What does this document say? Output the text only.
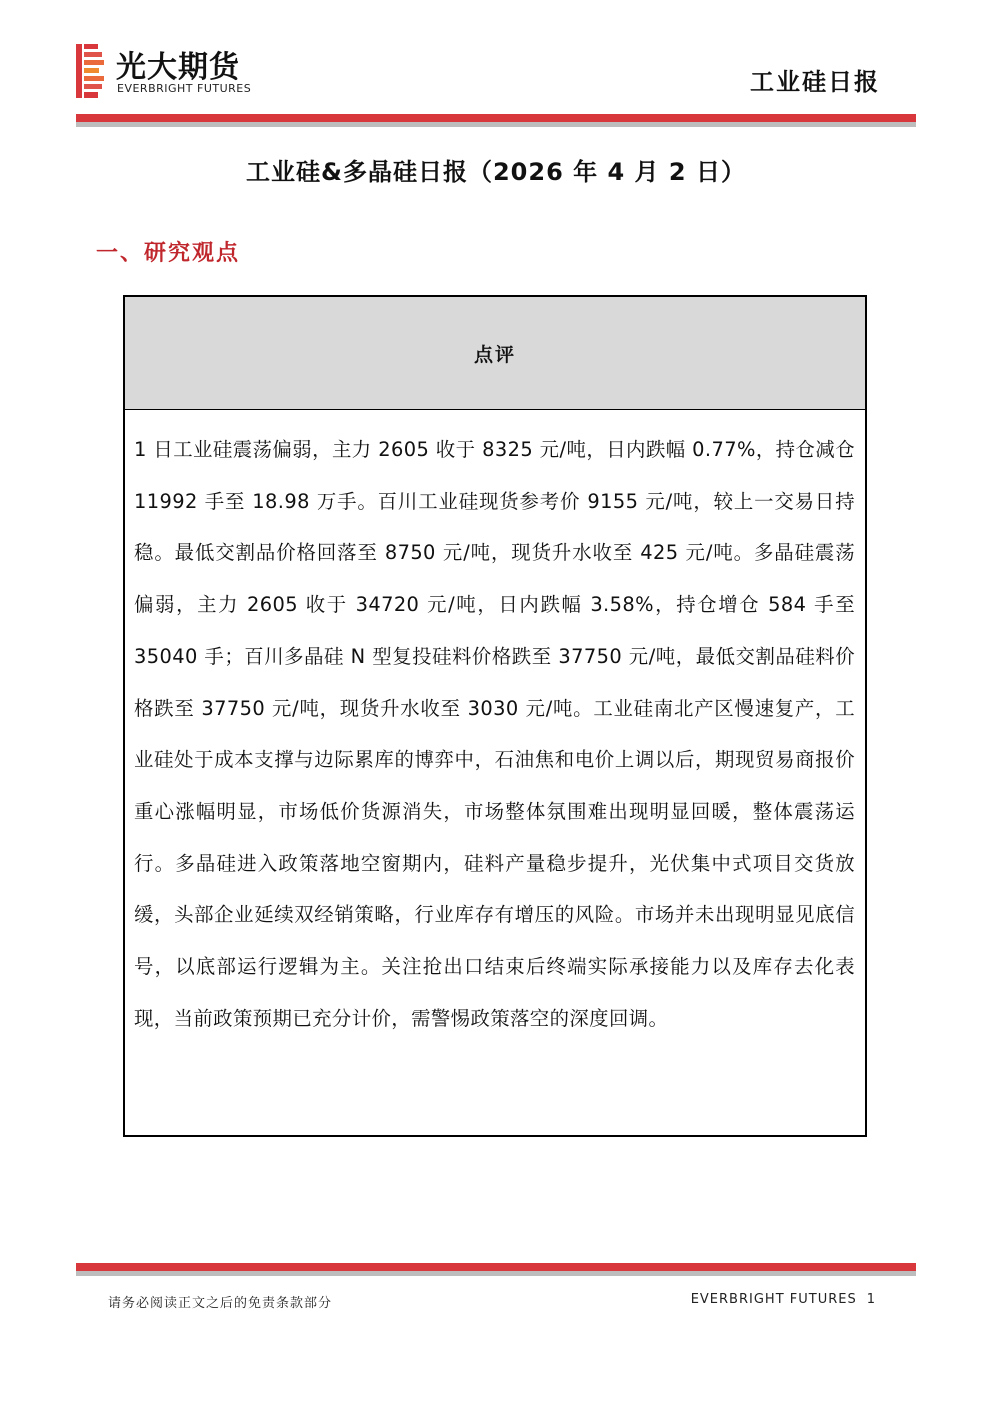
光大期货
EVERBRIGHT FUTURES	工业硅日报
工业硅&多晶硅日报（2026 年 4 月 2 日）
一、研究观点
点评
1 日工业硅震荡偏弱，主力 2605 收于 8325 元/吨，日内跌幅 0.77%，持仓减仓 11992 手至 18.98 万手。百川工业硅现货参考价 9155 元/吨，较上一交易日持稳。最低交割品价格回落至 8750 元/吨，现货升水收至 425 元/吨。多晶硅震荡偏弱，主力 2605 收于 34720 元/吨，日内跌幅 3.58%，持仓增仓 584 手至 35040 手；百川多晶硅 N 型复投硅料价格跌至 37750 元/吨，最低交割品硅料价格跌至 37750 元/吨，现货升水收至 3030 元/吨。工业硅南北产区慢速复产，工业硅处于成本支撑与边际累库的博弈中，石油焦和电价上调以后，期现贸易商报价重心涨幅明显，市场低价货源消失，市场整体氛围难出现明显回暖，整体震荡运行。多晶硅进入政策落地空窗期内，硅料产量稳步提升，光伏集中式项目交货放缓，头部企业延续双经销策略，行业库存有增压的风险。市场并未出现明显见底信号，以底部运行逻辑为主。关注抢出口结束后终端实际承接能力以及库存去化表现，当前政策预期已充分计价，需警惕政策落空的深度回调。
请务必阅读正文之后的免责条款部分	EVERBRIGHT FUTURES 1
